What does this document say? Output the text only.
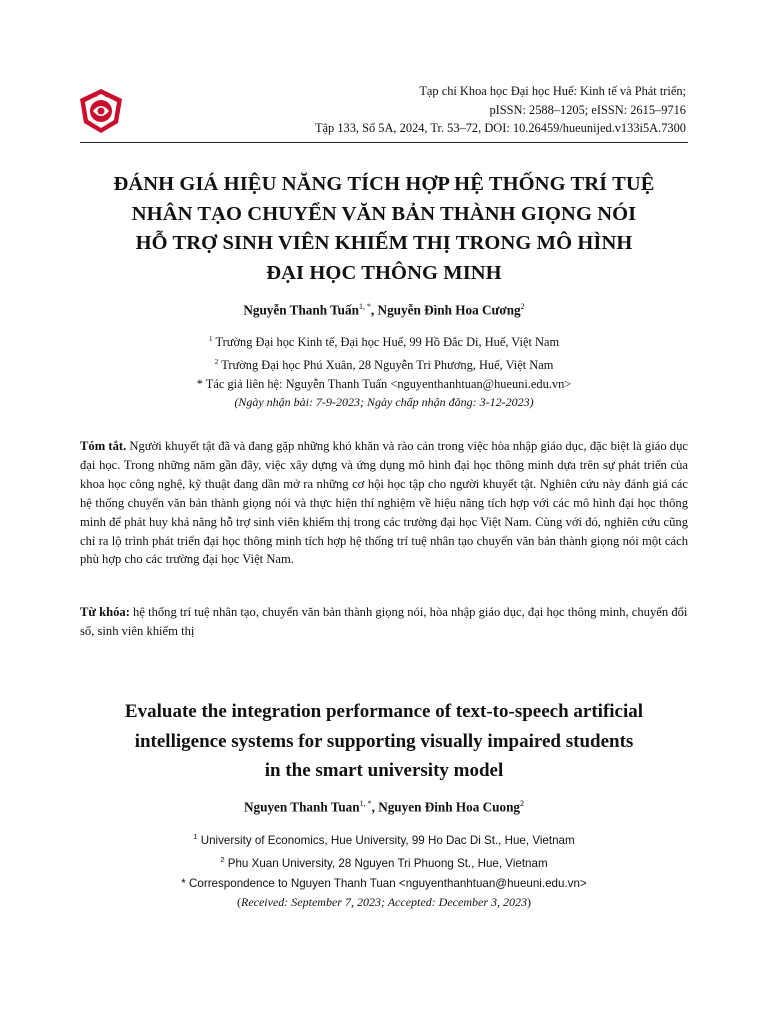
Tạp chí Khoa học Đại học Huế: Kinh tế và Phát triển;
pISSN: 2588–1205; eISSN: 2615–9716
Tập 133, Số 5A, 2024, Tr. 53–72, DOI: 10.26459/hueunijed.v133i5A.7300
ĐÁNH GIÁ HIỆU NĂNG TÍCH HỢP HỆ THỐNG TRÍ TUỆ
NHÂN TẠO CHUYỂN VĂN BẢN THÀNH GIỌNG NÓI
HỖ TRỢ SINH VIÊN KHIẾM THỊ TRONG MÔ HÌNH
ĐẠI HỌC THÔNG MINH
Nguyễn Thanh Tuấn$^{1, *}$, Nguyễn Đình Hoa Cương$^2$
$^1$ Trường Đại học Kinh tế, Đại học Huế, 99 Hồ Đắc Di, Huế, Việt Nam
$^2$ Trường Đại học Phú Xuân, 28 Nguyễn Tri Phương, Huế, Việt Nam
* Tác giả liên hệ: Nguyễn Thanh Tuấn <nguyenthanhtuan@hueuni.edu.vn>
(Ngày nhận bài: 7-9-2023; Ngày chấp nhận đăng: 3-12-2023)
Tóm tắt. Người khuyết tật đã và đang gặp những khó khăn và rào cản trong việc hòa nhập giáo dục, đặc biệt là giáo dục đại học. Trong những năm gần đây, việc xây dựng và ứng dụng mô hình đại học thông minh dựa trên sự phát triển của khoa học công nghệ, kỹ thuật đang dần mở ra những cơ hội học tập cho người khuyết tật. Nghiên cứu này đánh giá các hệ thống chuyển văn bản thành giọng nói và thực hiện thí nghiệm về hiệu năng tích hợp với các mô hình đại học thông minh để phát huy khả năng hỗ trợ sinh viên khiếm thị trong các trường đại học Việt Nam. Cùng với đó, nghiên cứu cũng chỉ ra lộ trình phát triển đại học thông minh tích hợp hệ thống trí tuệ nhân tạo chuyển văn bản thành giọng nói một cách phù hợp cho các trường đại học Việt Nam.
Từ khóa: hệ thống trí tuệ nhân tạo, chuyển văn bản thành giọng nói, hòa nhập giáo dục, đại học thông minh, chuyển đổi số, sinh viên khiếm thị
Evaluate the integration performance of text-to-speech artificial
intelligence systems for supporting visually impaired students
in the smart university model
Nguyen Thanh Tuan$^{1, *}$, Nguyen Đinh Hoa Cuong$^2$
$^1$ University of Economics, Hue University, 99 Ho Dac Di St., Hue, Vietnam
$^2$ Phu Xuan University, 28 Nguyen Tri Phuong St., Hue, Vietnam
* Correspondence to Nguyen Thanh Tuan <nguyenthanhtuan@hueuni.edu.vn>
(Received: September 7, 2023; Accepted: December 3, 2023)
